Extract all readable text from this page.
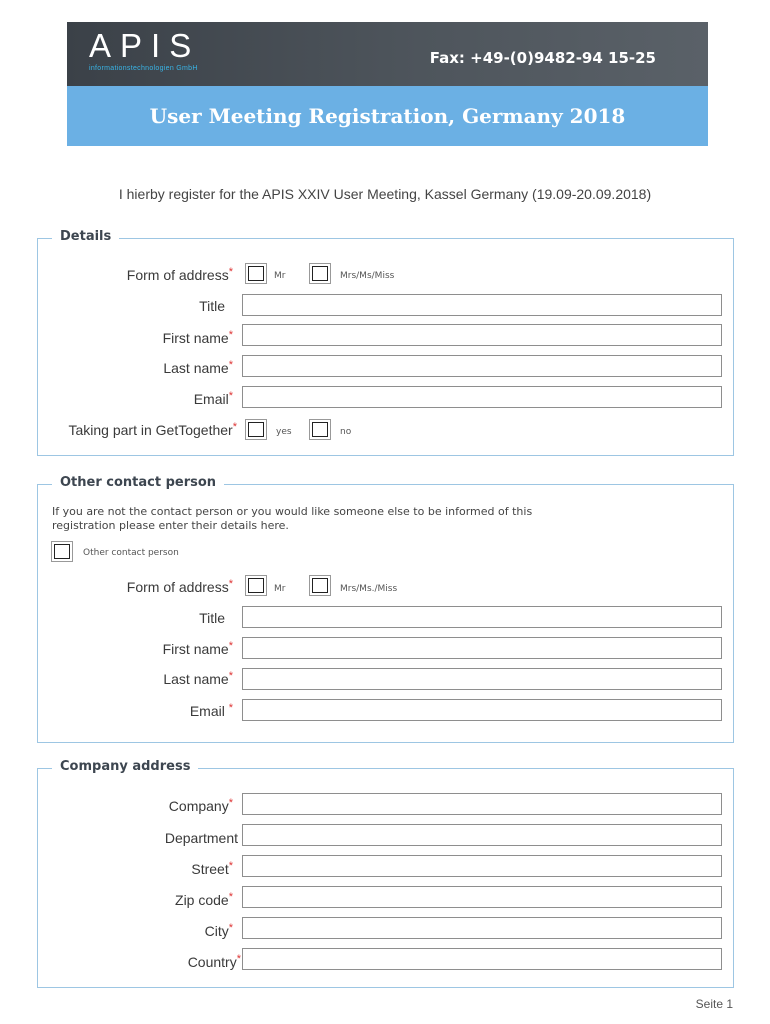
APIS
informationstechnologien GmbH
Fax: +49-(0)9482-94 15-25
User Meeting Registration, Germany 2018
I hierby register for the APIS XXIV User Meeting, Kassel Germany (19.09-20.09.2018)
Details
Form of address*	Mr	Mrs/Ms/Miss
Title
First name*
Last name*
Email*
Taking part in GetTogether*	yes	no
Other contact person
If you are not the contact person or you would like someone else to be informed of this registration please enter their details here.
Other contact person
Form of address*	Mr	Mrs/Ms./Miss
Title
First name*
Last name*
Email *
Company address
Company*
Department
Street*
Zip code*
City*
Country*
Seite 1
